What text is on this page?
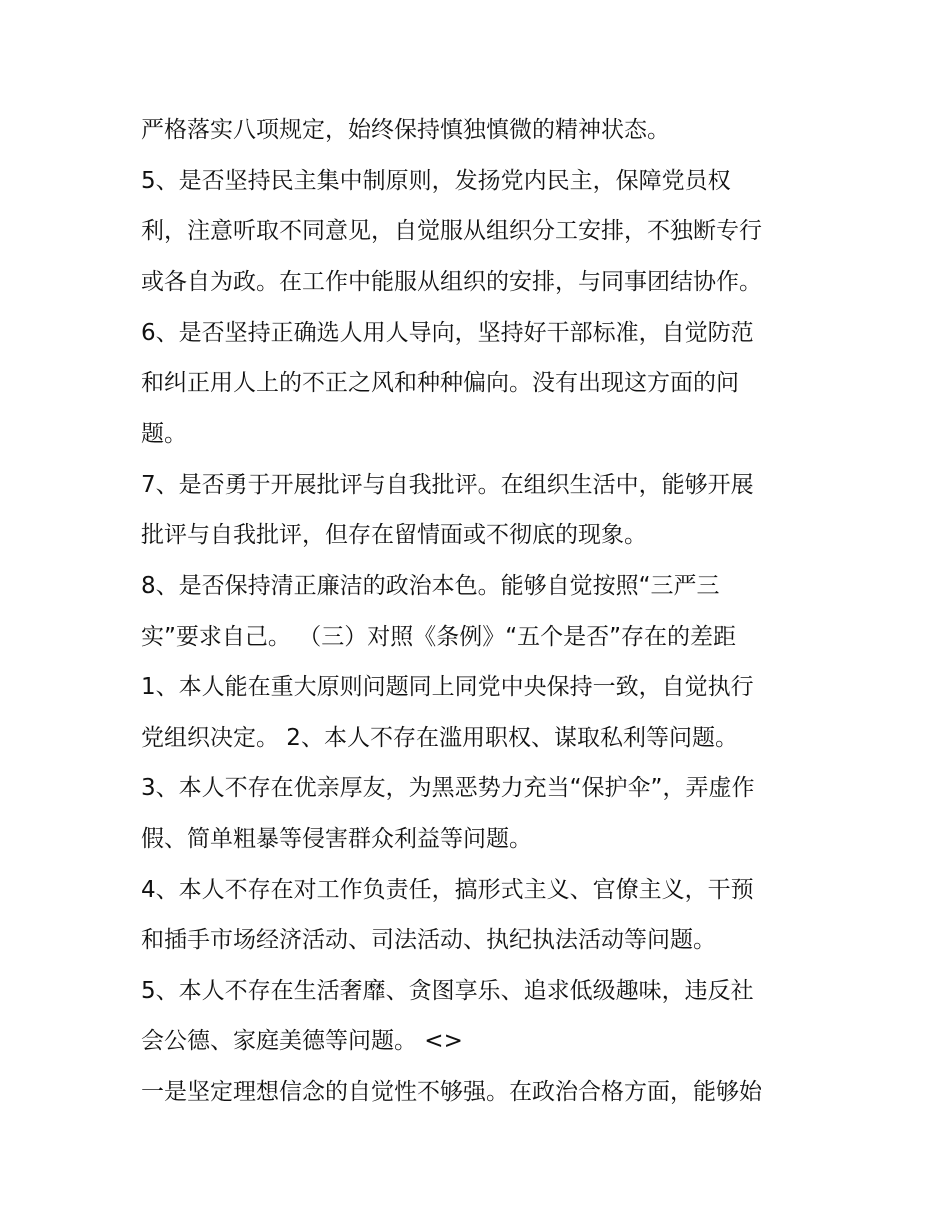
严格落实八项规定，始终保持慎独慎微的精神状态。
5、是否坚持民主集中制原则，发扬党内民主，保障党员权
利，注意听取不同意见，自觉服从组织分工安排，不独断专行
或各自为政。在工作中能服从组织的安排，与同事团结协作。
6、是否坚持正确选人用人导向，坚持好干部标准，自觉防范
和纠正用人上的不正之风和种种偏向。没有出现这方面的问
题。
7、是否勇于开展批评与自我批评。在组织生活中，能够开展
批评与自我批评，但存在留情面或不彻底的现象。
8、是否保持清正廉洁的政治本色。能够自觉按照“三严三
实”要求自己。 （三）对照《条例》“五个是否”存在的差距
1、本人能在重大原则问题同上同党中央保持一致，自觉执行
党组织决定。 2、本人不存在滥用职权、谋取私利等问题。
3、本人不存在优亲厚友，为黑恶势力充当“保护伞”，弄虚作
假、简单粗暴等侵害群众利益等问题。
4、本人不存在对工作负责任，搞形式主义、官僚主义，干预
和插手市场经济活动、司法活动、执纪执法活动等问题。
5、本人不存在生活奢靡、贪图享乐、追求低级趣味，违反社
会公德、家庭美德等问题。 <>
一是坚定理想信念的自觉性不够强。在政治合格方面，能够始
